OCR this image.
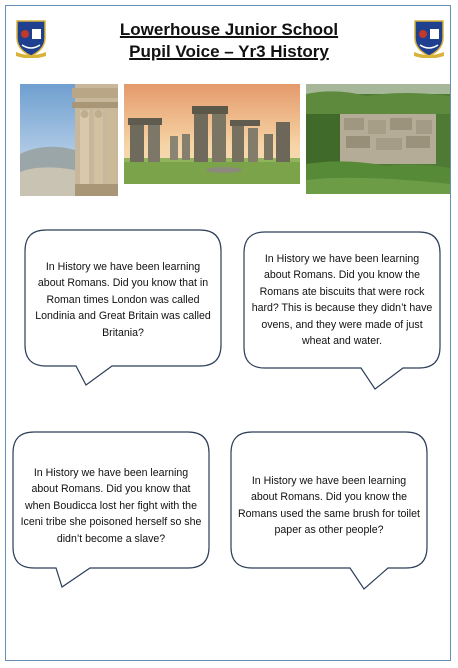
Lowerhouse Junior School
Pupil Voice – Yr3 History
In History we have been learning about Romans. Did you know that in Roman times London was called Londinia and Great Britain was called Britania?
In History we have been learning about Romans. Did you know the Romans ate biscuits that were rock hard? This is because they didn’t have ovens, and they were made of just wheat and water.
In History we have been learning about Romans. Did you know that when Boudicca lost her fight with the Iceni tribe she poisoned herself so she didn’t become a slave?
In History we have been learning about Romans. Did you know the Romans used the same brush for toilet paper as other people?
